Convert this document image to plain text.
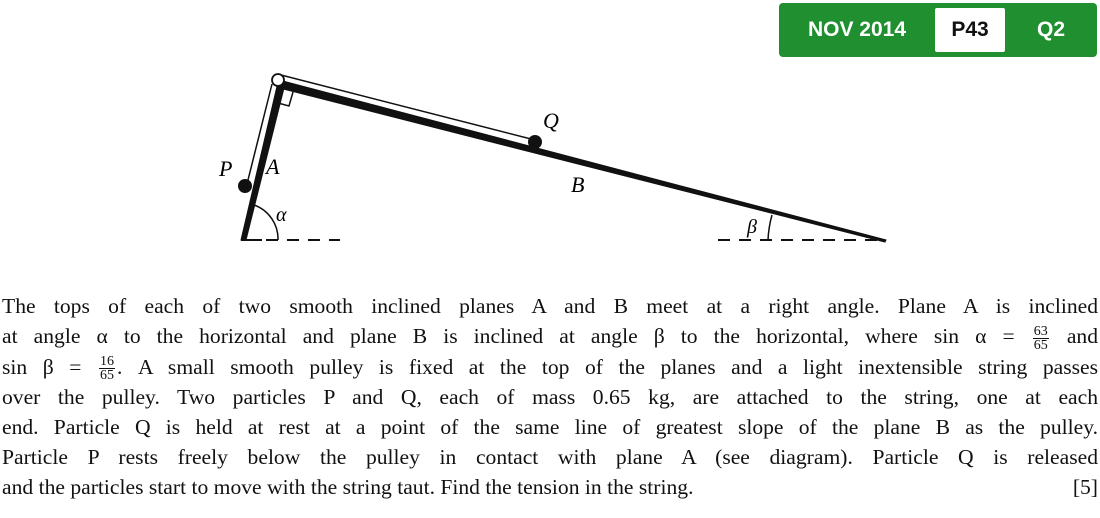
NOV 2014	P43	Q2
P A
Q
B
α
β
The tops of each of two smooth inclined planes A and B meet at a right angle. Plane A is inclined
at angle α to the horizontal and plane B is inclined at angle β to the horizontal, where $\sin \alpha = \frac{63}{65}$ and
$\sin \beta = \frac{16}{65}$ . A small smooth pulley is fixed at the top of the planes and a light inextensible string passes
over the pulley. Two particles P and Q, each of mass 0.65 kg, are attached to the string, one at each
end. Particle Q is held at rest at a point of the same line of greatest slope of the plane B as the pulley.
Particle P rests freely below the pulley in contact with plane A (see diagram). Particle Q is released
and the particles start to move with the string taut. Find the tension in the string.	[5]
